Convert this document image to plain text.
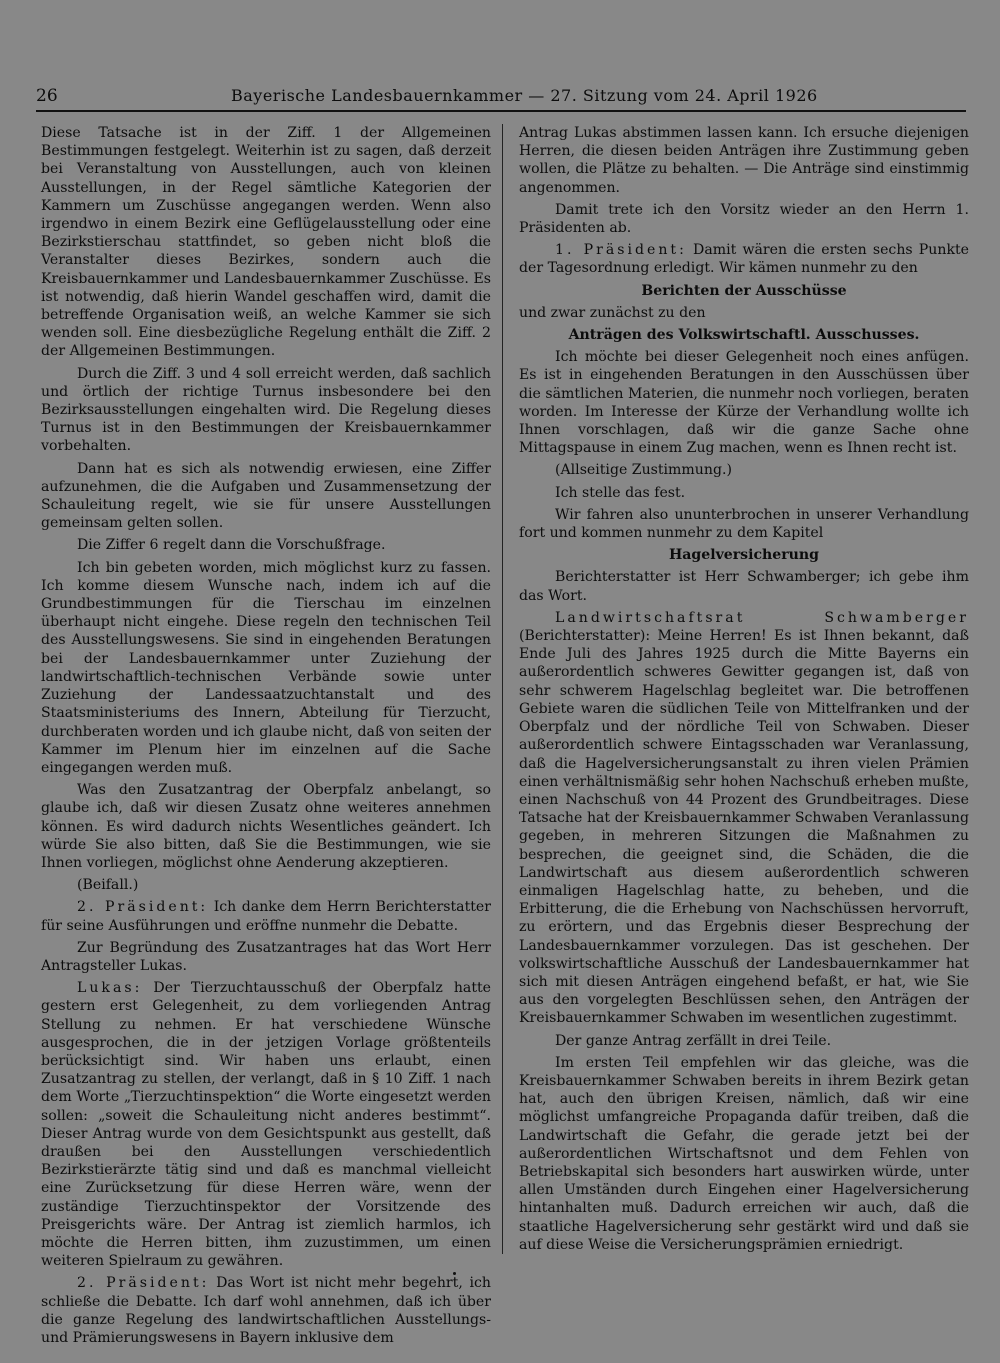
26	Bayerische Landesbauernkammer — 27. Sitzung vom 24. April 1926

Diese Tatsache ist in der Ziff. 1 der Allgemeinen Bestimmungen festgelegt. Weiterhin ist zu sagen, daß derzeit bei Veranstaltung von Ausstellungen, auch von kleinen Ausstellungen, in der Regel sämtliche Kategorien der Kammern um Zuschüsse angegangen werden. Wenn also irgendwo in einem Bezirk eine Geflügelausstellung oder eine Bezirkstierschau stattfindet, so geben nicht bloß die Veranstalter dieses Bezirkes, sondern auch die Kreisbauernkammer und Landesbauernkammer Zuschüsse. Es ist notwendig, daß hierin Wandel geschaffen wird, damit die betreffende Organisation weiß, an welche Kammer sie sich wenden soll. Eine diesbezügliche Regelung enthält die Ziff. 2 der Allgemeinen Bestimmungen.

Durch die Ziff. 3 und 4 soll erreicht werden, daß sachlich und örtlich der richtige Turnus insbesondere bei den Bezirksausstellungen eingehalten wird. Die Regelung dieses Turnus ist in den Bestimmungen der Kreisbauernkammer vorbehalten.

Dann hat es sich als notwendig erwiesen, eine Ziffer aufzunehmen, die die Aufgaben und Zusammensetzung der Schauleitung regelt, wie sie für unsere Ausstellungen gemeinsam gelten sollen.

Die Ziffer 6 regelt dann die Vorschußfrage.

Ich bin gebeten worden, mich möglichst kurz zu fassen. Ich komme diesem Wunsche nach, indem ich auf die Grundbestimmungen für die Tierschau im einzelnen überhaupt nicht eingehe. Diese regeln den technischen Teil des Ausstellungswesens. Sie sind in eingehenden Beratungen bei der Landesbauernkammer unter Zuziehung der landwirtschaftlich-technischen Verbände sowie unter Zuziehung der Landessaatzuchtanstalt und des Staatsministeriums des Innern, Abteilung für Tierzucht, durchberaten worden und ich glaube nicht, daß von seiten der Kammer im Plenum hier im einzelnen auf die Sache eingegangen werden muß.

Was den Zusatzantrag der Oberpfalz anbelangt, so glaube ich, daß wir diesen Zusatz ohne weiteres annehmen können. Es wird dadurch nichts Wesentliches geändert. Ich würde Sie also bitten, daß Sie die Bestimmungen, wie sie Ihnen vorliegen, möglichst ohne Aenderung akzeptieren.

(Beifall.)

2. Präsident: Ich danke dem Herrn Berichterstatter für seine Ausführungen und eröffne nunmehr die Debatte.

Zur Begründung des Zusatzantrages hat das Wort Herr Antragsteller Lukas.

Lukas: Der Tierzuchtausschuß der Oberpfalz hatte gestern erst Gelegenheit, zu dem vorliegenden Antrag Stellung zu nehmen. Er hat verschiedene Wünsche ausgesprochen, die in der jetzigen Vorlage größtenteils berücksichtigt sind. Wir haben uns erlaubt, einen Zusatzantrag zu stellen, der verlangt, daß in § 10 Ziff. 1 nach dem Worte „Tierzuchtinspektion“ die Worte eingesetzt werden sollen: „soweit die Schauleitung nicht anderes bestimmt“. Dieser Antrag wurde von dem Gesichtspunkt aus gestellt, daß draußen bei den Ausstellungen verschiedentlich Bezirkstierärzte tätig sind und daß es manchmal vielleicht eine Zurücksetzung für diese Herren wäre, wenn der zuständige Tierzuchtinspektor der Vorsitzende des Preisgerichts wäre. Der Antrag ist ziemlich harmlos, ich möchte die Herren bitten, ihm zuzustimmen, um einen weiteren Spielraum zu gewähren.

2. Präsident: Das Wort ist nicht mehr begehrt, ich schließe die Debatte. Ich darf wohl annehmen, daß ich über die ganze Regelung des landwirtschaftlichen Ausstellungs- und Prämierungswesens in Bayern inklusive dem

Antrag Lukas abstimmen lassen kann. Ich ersuche diejenigen Herren, die diesen beiden Anträgen ihre Zustimmung geben wollen, die Plätze zu behalten. — Die Anträge sind einstimmig angenommen.

Damit trete ich den Vorsitz wieder an den Herrn 1. Präsidenten ab.

1. Präsident: Damit wären die ersten sechs Punkte der Tagesordnung erledigt. Wir kämen nunmehr zu den

Berichten der Ausschüsse

und zwar zunächst zu den

Anträgen des Volkswirtschaftl. Ausschusses.

Ich möchte bei dieser Gelegenheit noch eines anfügen. Es ist in eingehenden Beratungen in den Ausschüssen über die sämtlichen Materien, die nunmehr noch vorliegen, beraten worden. Im Interesse der Kürze der Verhandlung wollte ich Ihnen vorschlagen, daß wir die ganze Sache ohne Mittagspause in einem Zug machen, wenn es Ihnen recht ist.

(Allseitige Zustimmung.)

Ich stelle das fest.

Wir fahren also ununterbrochen in unserer Verhandlung fort und kommen nunmehr zu dem Kapitel

Hagelversicherung

Berichterstatter ist Herr Schwamberger; ich gebe ihm das Wort.

Landwirtschaftsrat Schwamberger (Berichterstatter): Meine Herren! Es ist Ihnen bekannt, daß Ende Juli des Jahres 1925 durch die Mitte Bayerns ein außerordentlich schweres Gewitter gegangen ist, daß von sehr schwerem Hagelschlag begleitet war. Die betroffenen Gebiete waren die südlichen Teile von Mittelfranken und der Oberpfalz und der nördliche Teil von Schwaben. Dieser außerordentlich schwere Eintagsschaden war Veranlassung, daß die Hagelversicherungsanstalt zu ihren vielen Prämien einen verhältnismäßig sehr hohen Nachschuß erheben mußte, einen Nachschuß von 44 Prozent des Grundbeitrages. Diese Tatsache hat der Kreisbauernkammer Schwaben Veranlassung gegeben, in mehreren Sitzungen die Maßnahmen zu besprechen, die geeignet sind, die Schäden, die die Landwirtschaft aus diesem außerordentlich schweren einmaligen Hagelschlag hatte, zu beheben, und die Erbitterung, die die Erhebung von Nachschüssen hervorruft, zu erörtern, und das Ergebnis dieser Besprechung der Landesbauernkammer vorzulegen. Das ist geschehen. Der volkswirtschaftliche Ausschuß der Landesbauernkammer hat sich mit diesen Anträgen eingehend befaßt, er hat, wie Sie aus den vorgelegten Beschlüssen sehen, den Anträgen der Kreisbauernkammer Schwaben im wesentlichen zugestimmt.

Der ganze Antrag zerfällt in drei Teile.

Im ersten Teil empfehlen wir das gleiche, was die Kreisbauernkammer Schwaben bereits in ihrem Bezirk getan hat, auch den übrigen Kreisen, nämlich, daß wir eine möglichst umfangreiche Propaganda dafür treiben, daß die Landwirtschaft die Gefahr, die gerade jetzt bei der außerordentlichen Wirtschaftsnot und dem Fehlen von Betriebskapital sich besonders hart auswirken würde, unter allen Umständen durch Eingehen einer Hagelversicherung hintanhalten muß. Dadurch erreichen wir auch, daß die staatliche Hagelversicherung sehr gestärkt wird und daß sie auf diese Weise die Versicherungsprämien erniedrigt.
